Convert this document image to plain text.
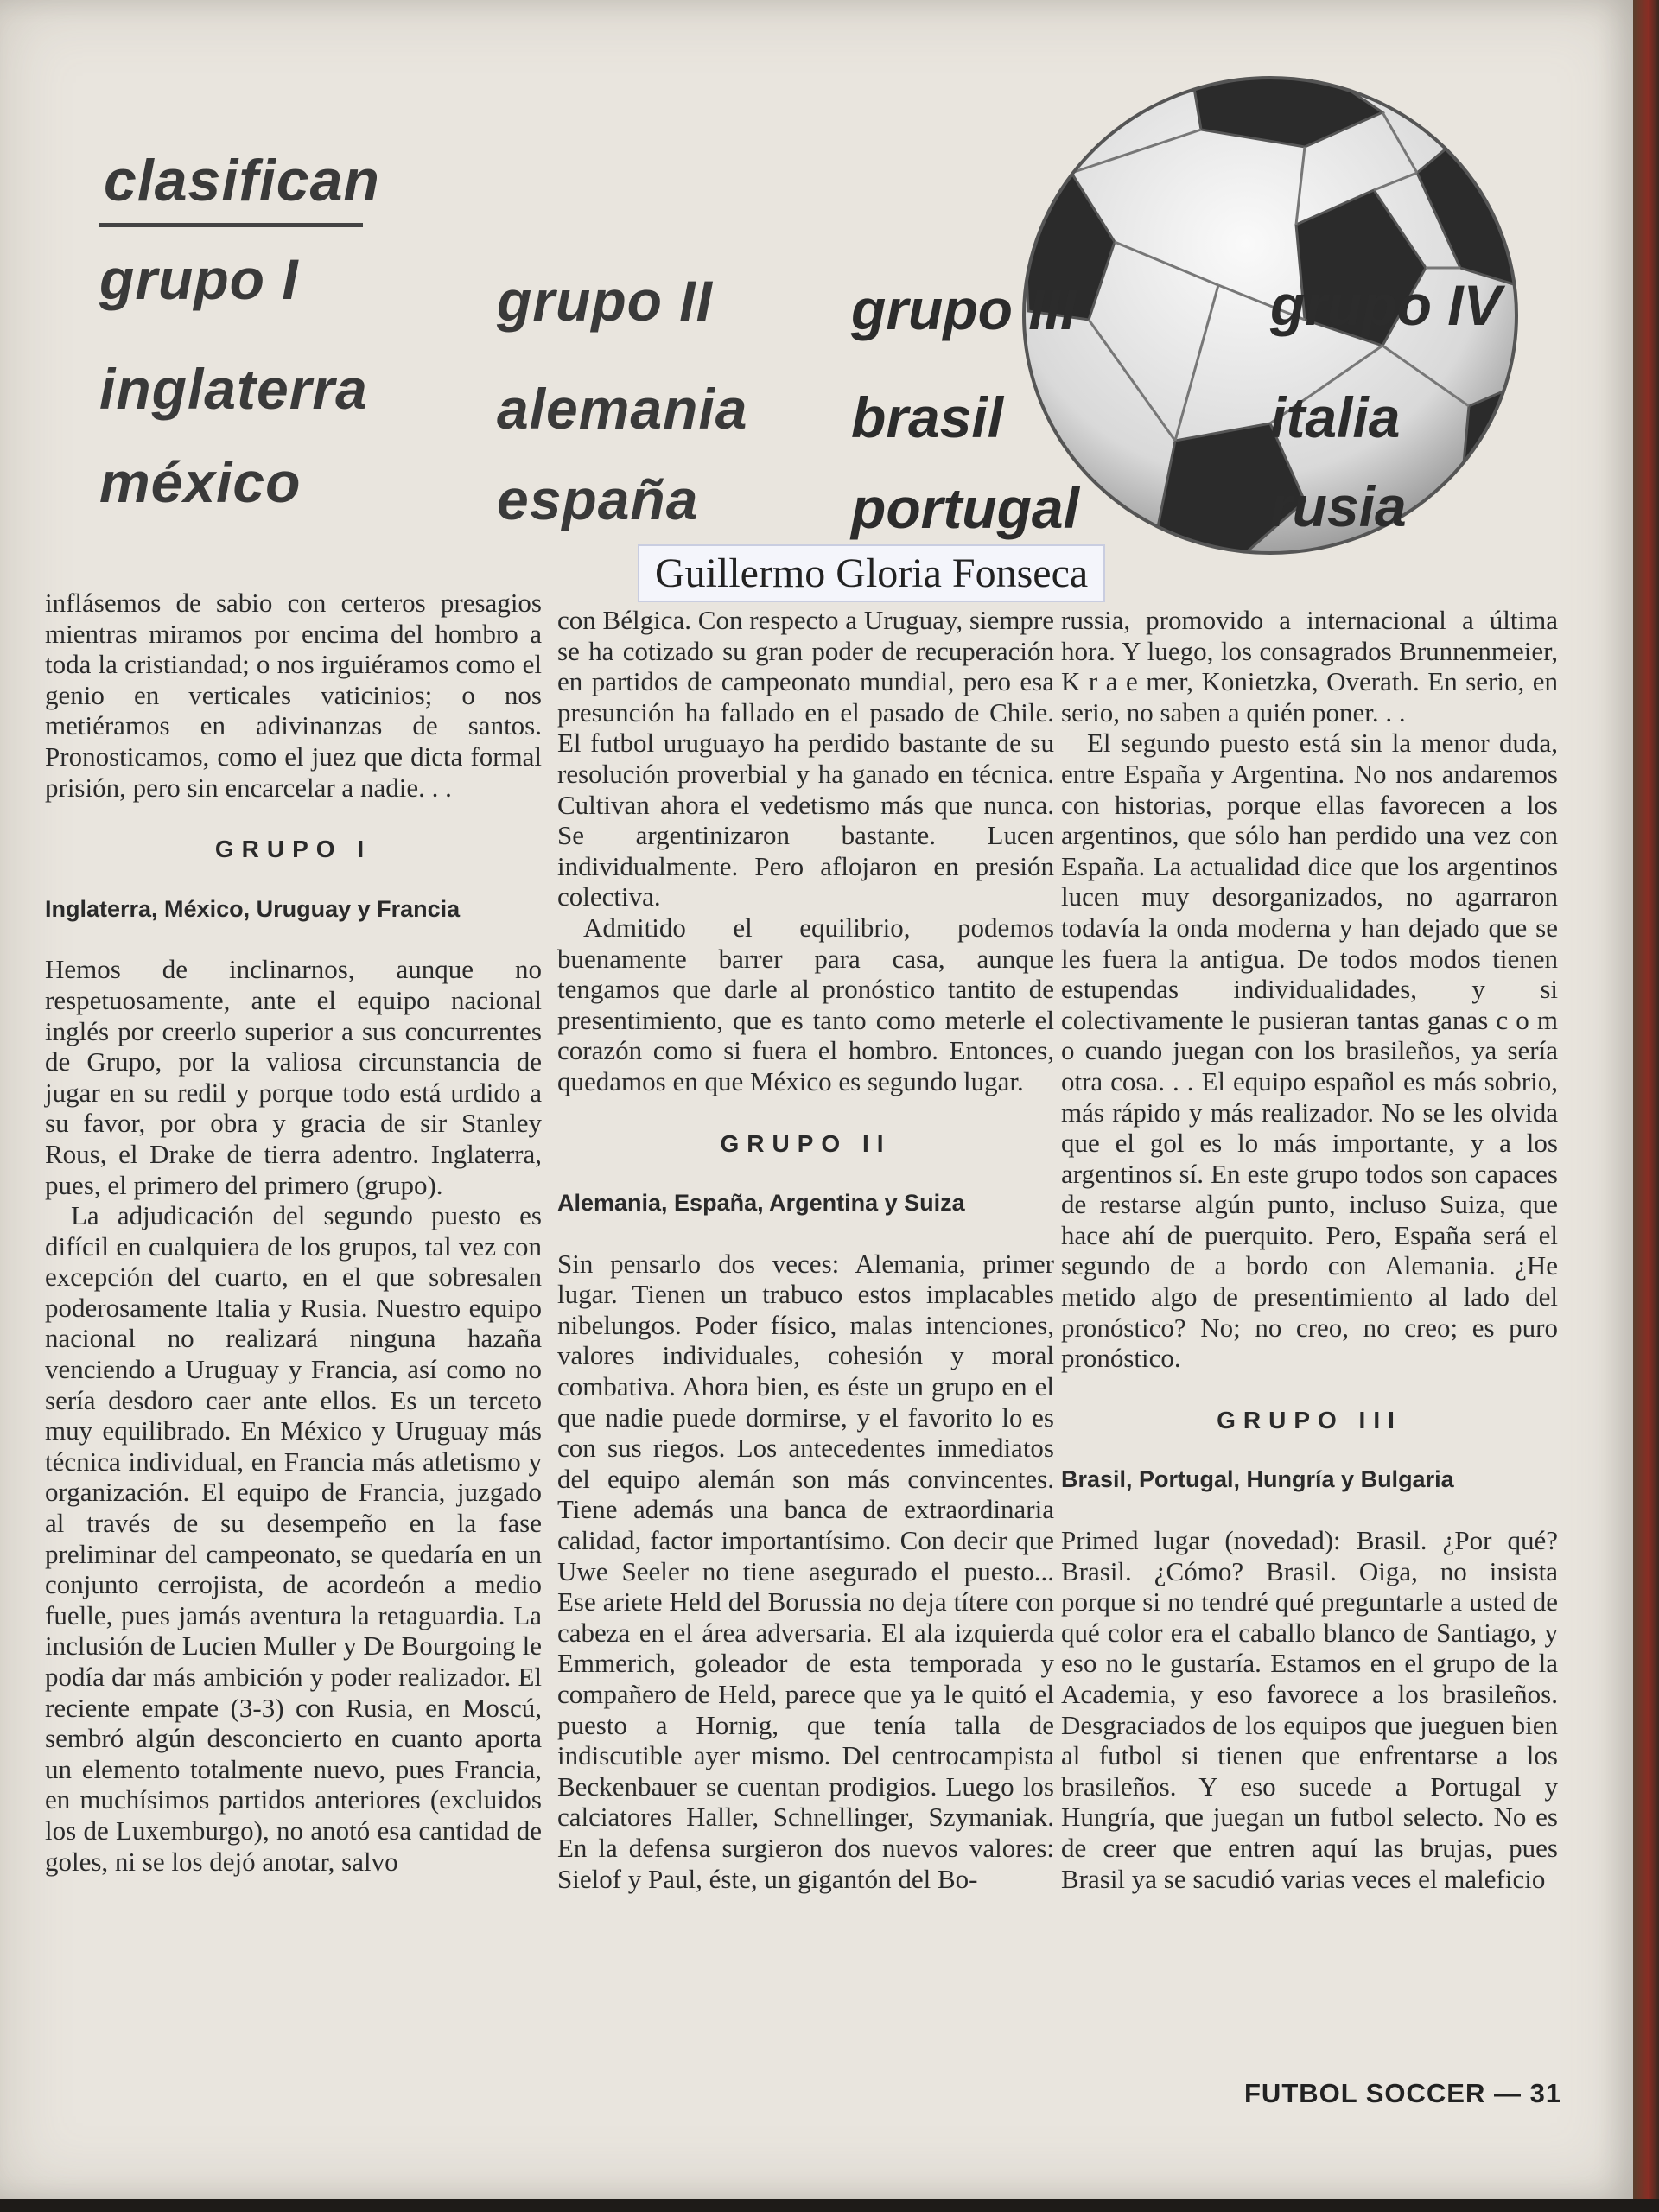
clasifican
grupo I
inglaterra
méxico
grupo II
alemania
españa
grupo III
brasil
portugal
grupo IV
italia
rusia
Guillermo Gloria Fonseca

inflásemos de sabio con certeros presagios mientras miramos por encima del hombro a toda la cristiandad; o nos irguiéramos como el genio en verticales vaticinios; o nos metiéramos en adivinanzas de santos. Pronosticamos, como el juez que dicta formal prisión, pero sin encarcelar a nadie. . .

GRUPO I
Inglaterra, México, Uruguay y Francia

Hemos de inclinarnos, aunque no respetuosamente, ante el equipo nacional inglés por creerlo superior a sus concurrentes de Grupo, por la valiosa circunstancia de jugar en su redil y porque todo está urdido a su favor, por obra y gracia de sir Stanley Rous, el Drake de tierra adentro. Inglaterra, pues, el primero del primero (grupo).

La adjudicación del segundo puesto es difícil en cualquiera de los grupos, tal vez con excepción del cuarto, en el que sobresalen poderosamente Italia y Rusia. Nuestro equipo nacional no realizará ninguna hazaña venciendo a Uruguay y Francia, así como no sería desdoro caer ante ellos. Es un terceto muy equilibrado. En México y Uruguay más técnica individual, en Francia más atletismo y organización. El equipo de Francia, juzgado al través de su desempeño en la fase preliminar del campeonato, se quedaría en un conjunto cerrojista, de acordeón a medio fuelle, pues jamás aventura la retaguardia. La inclusión de Lucien Muller y De Bourgoing le podía dar más ambición y poder realizador. El reciente empate (3-3) con Rusia, en Moscú, sembró algún desconcierto en cuanto aporta un elemento totalmente nuevo, pues Francia, en muchísimos partidos anteriores (excluidos los de Luxemburgo), no anotó esa cantidad de goles, ni se los dejó anotar, salvo

con Bélgica. Con respecto a Uruguay, siempre se ha cotizado su gran poder de recuperación en partidos de campeonato mundial, pero esa presunción ha fallado en el pasado de Chile. El futbol uruguayo ha perdido bastante de su resolución proverbial y ha ganado en técnica. Cultivan ahora el vedetismo más que nunca. Se argentinizaron bastante. Lucen individualmente. Pero aflojaron en presión colectiva.

Admitido el equilibrio, podemos buenamente barrer para casa, aunque tengamos que darle al pronóstico tantito de presentimiento, que es tanto como meterle el corazón como si fuera el hombro. Entonces, quedamos en que México es segundo lugar.

GRUPO II
Alemania, España, Argentina y Suiza

Sin pensarlo dos veces: Alemania, primer lugar. Tienen un trabuco estos implacables nibelungos. Poder físico, malas intenciones, valores individuales, cohesión y moral combativa. Ahora bien, es éste un grupo en el que nadie puede dormirse, y el favorito lo es con sus riegos. Los antecedentes inmediatos del equipo alemán son más convincentes. Tiene además una banca de extraordinaria calidad, factor importantísimo. Con decir que Uwe Seeler no tiene asegurado el puesto... Ese ariete Held del Borussia no deja títere con cabeza en el área adversaria. El ala izquierda Emmerich, goleador de esta temporada y compañero de Held, parece que ya le quitó el puesto a Hornig, que tenía talla de indiscutible ayer mismo. Del centrocampista Beckenbauer se cuentan prodigios. Luego los calciatores Haller, Schnellinger, Szymaniak. En la defensa surgieron dos nuevos valores: Sielof y Paul, éste, un gigantón del Bo-

russia, promovido a internacional a última hora. Y luego, los consagrados Brunnenmeier, K r a e mer, Konietzka, Overath. En serio, en serio, no saben a quién poner. . .

El segundo puesto está sin la menor duda, entre España y Argentina. No nos andaremos con historias, porque ellas favorecen a los argentinos, que sólo han perdido una vez con España. La actualidad dice que los argentinos lucen muy desorganizados, no agarraron todavía la onda moderna y han dejado que se les fuera la antigua. De todos modos tienen estupendas individualidades, y si colectivamente le pusieran tantas ganas c o m o cuando juegan con los brasileños, ya sería otra cosa. . . El equipo español es más sobrio, más rápido y más realizador. No se les olvida que el gol es lo más importante, y a los argentinos sí. En este grupo todos son capaces de restarse algún punto, incluso Suiza, que hace ahí de puerquito. Pero, España será el segundo de a bordo con Alemania. ¿He metido algo de presentimiento al lado del pronóstico? No; no creo, no creo; es puro pronóstico.

GRUPO III
Brasil, Portugal, Hungría y Bulgaria

Primed lugar (novedad): Brasil. ¿Por qué? Brasil. ¿Cómo? Brasil. Oiga, no insista porque si no tendré qué preguntarle a usted de qué color era el caballo blanco de Santiago, y eso no le gustaría. Estamos en el grupo de la Academia, y eso favorece a los brasileños. Desgraciados de los equipos que jueguen bien al futbol si tienen que enfrentarse a los brasileños. Y eso sucede a Portugal y Hungría, que juegan un futbol selecto. No es de creer que entren aquí las brujas, pues Brasil ya se sacudió varias veces el maleficio

FUTBOL SOCCER — 31
